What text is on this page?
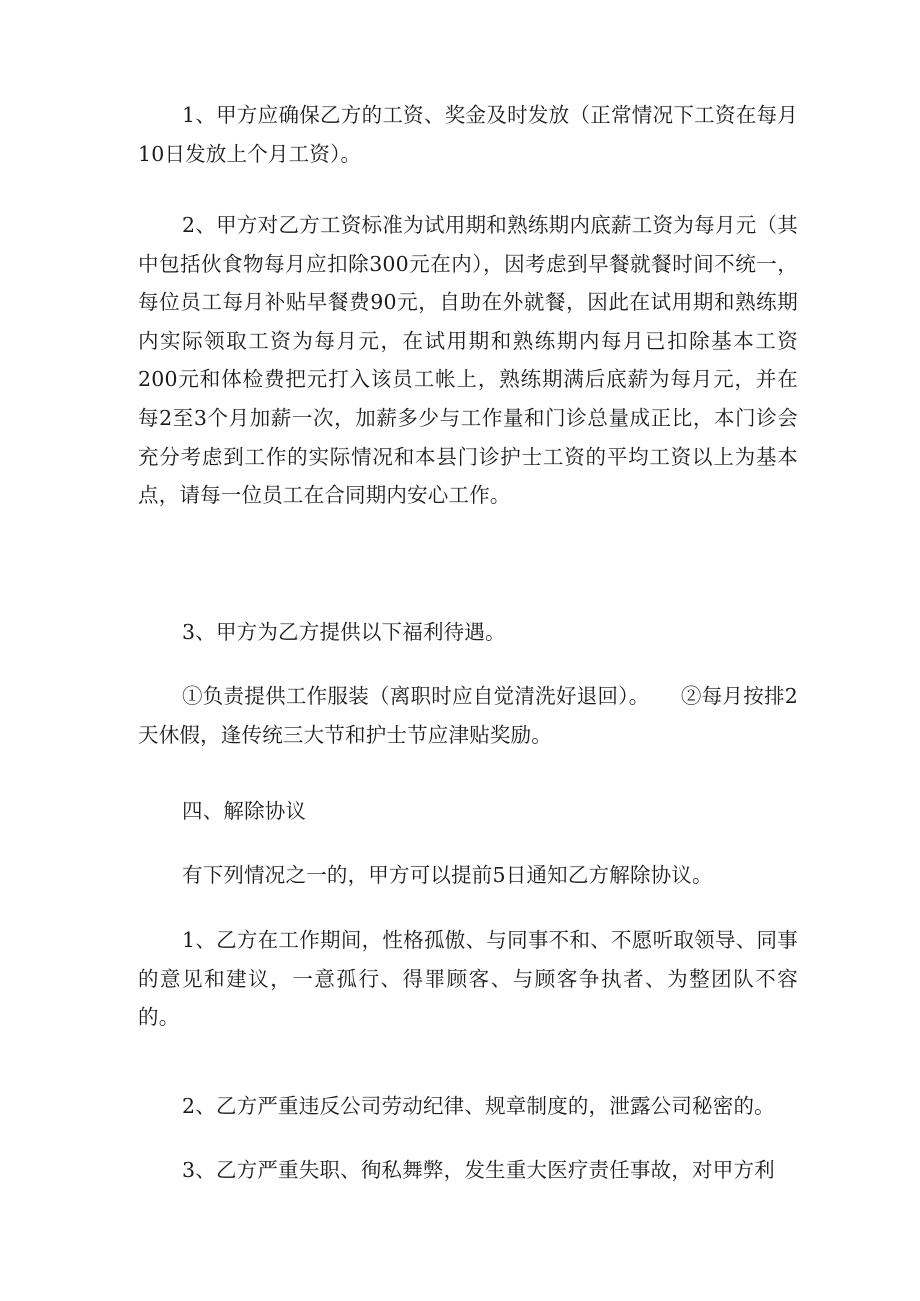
1、甲方应确保乙方的工资、奖金及时发放（正常情况下工资在每月10日发放上个月工资）。

2、甲方对乙方工资标准为试用期和熟练期内底薪工资为每月元（其中包括伙食物每月应扣除300元在内），因考虑到早餐就餐时间不统一，每位员工每月补贴早餐费90元，自助在外就餐，因此在试用期和熟练期内实际领取工资为每月元，在试用期和熟练期内每月已扣除基本工资200元和体检费把元打入该员工帐上，熟练期满后底薪为每月元，并在每2至3个月加薪一次，加薪多少与工作量和门诊总量成正比，本门诊会充分考虑到工作的实际情况和本县门诊护士工资的平均工资以上为基本点，请每一位员工在合同期内安心工作。

3、甲方为乙方提供以下福利待遇。

①负责提供工作服装（离职时应自觉清洗好退回）。　　②每月按排2天休假，逢传统三大节和护士节应津贴奖励。

四、解除协议

有下列情况之一的，甲方可以提前5日通知乙方解除协议。

1、乙方在工作期间，性格孤傲、与同事不和、不愿听取领导、同事的意见和建议，一意孤行、得罪顾客、与顾客争执者、为整团队不容的。

2、乙方严重违反公司劳动纪律、规章制度的，泄露公司秘密的。

3、乙方严重失职、徇私舞弊，发生重大医疗责任事故，对甲方利
